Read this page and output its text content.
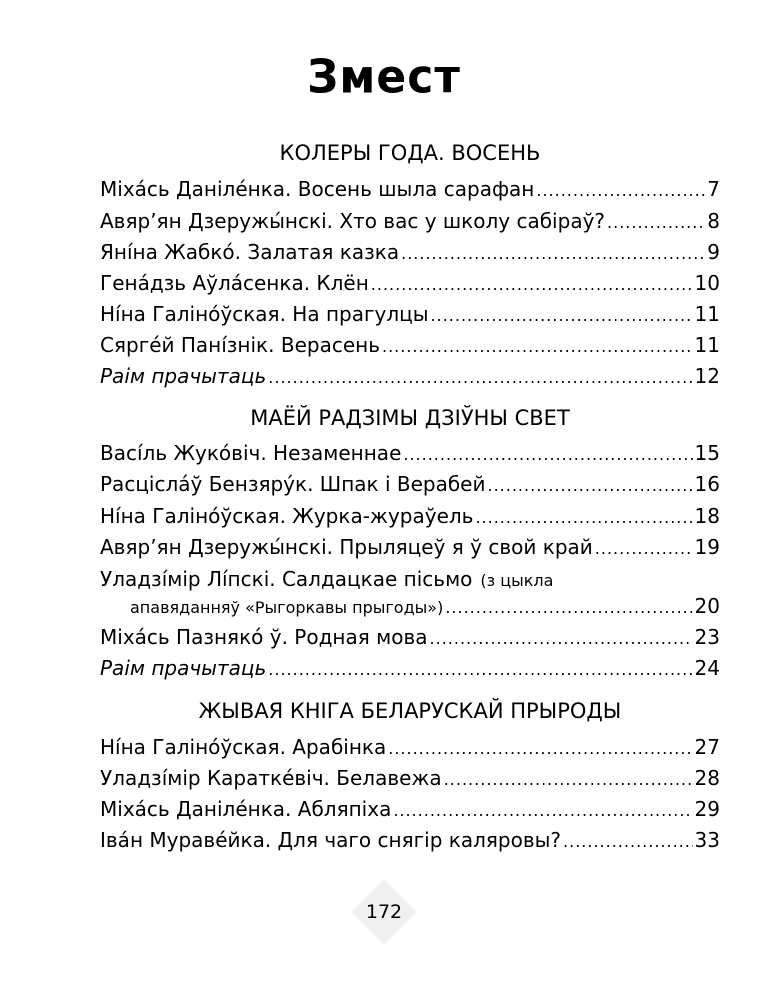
Змест
КОЛЕРЫ ГОДА. ВОСЕНЬ
Міха́сь Данілéнка. Восень шыла сарафан .....	7
Авяр’ян Дзеружы́нскі. Хто вас у школу сабіраў? .....	8
Яні́на Жабко́. Залатая казка .....	9
Гена́дзь Аўла́сенка. Клён .....	10
Ні́на Галіно́ўская. На прагулцы .....	11
Сяргéй Пані́знік. Верасень .....	11
Раім прачытаць .....	12
МАЁЙ РАДЗІМЫ ДЗІЎНЫ СВЕТ
Васі́ль Жуко́віч. Незаменнае .....	15
Расціслáў Бензяру́к. Шпак і Верабей .....	16
Ні́на Галіно́ўская. Журка-жураўель .....	18
Авяр’ян Дзеружы́нскі. Прыляцеў я ў свой край .....	19
Уладзі́мір Лі́пскі. Салдацкае пісьмо (з цыкла
апавяданняў «Рыгоркавы прыгоды») .....	20
Міха́сь Пазнякó ў. Родная мова .....	23
Раім прачытаць .....	24
ЖЫВАЯ КНІГА БЕЛАРУСКАЙ ПРЫРОДЫ
Ні́на Галіно́ўская. Арабінка .....	27
Уладзі́мір Караткéвіч. Белавежа .....	28
Міха́сь Данілéнка. Абляпіха .....	29
Іва́н Муравéйка. Для чаго снягір каляровы? .....	33
172
